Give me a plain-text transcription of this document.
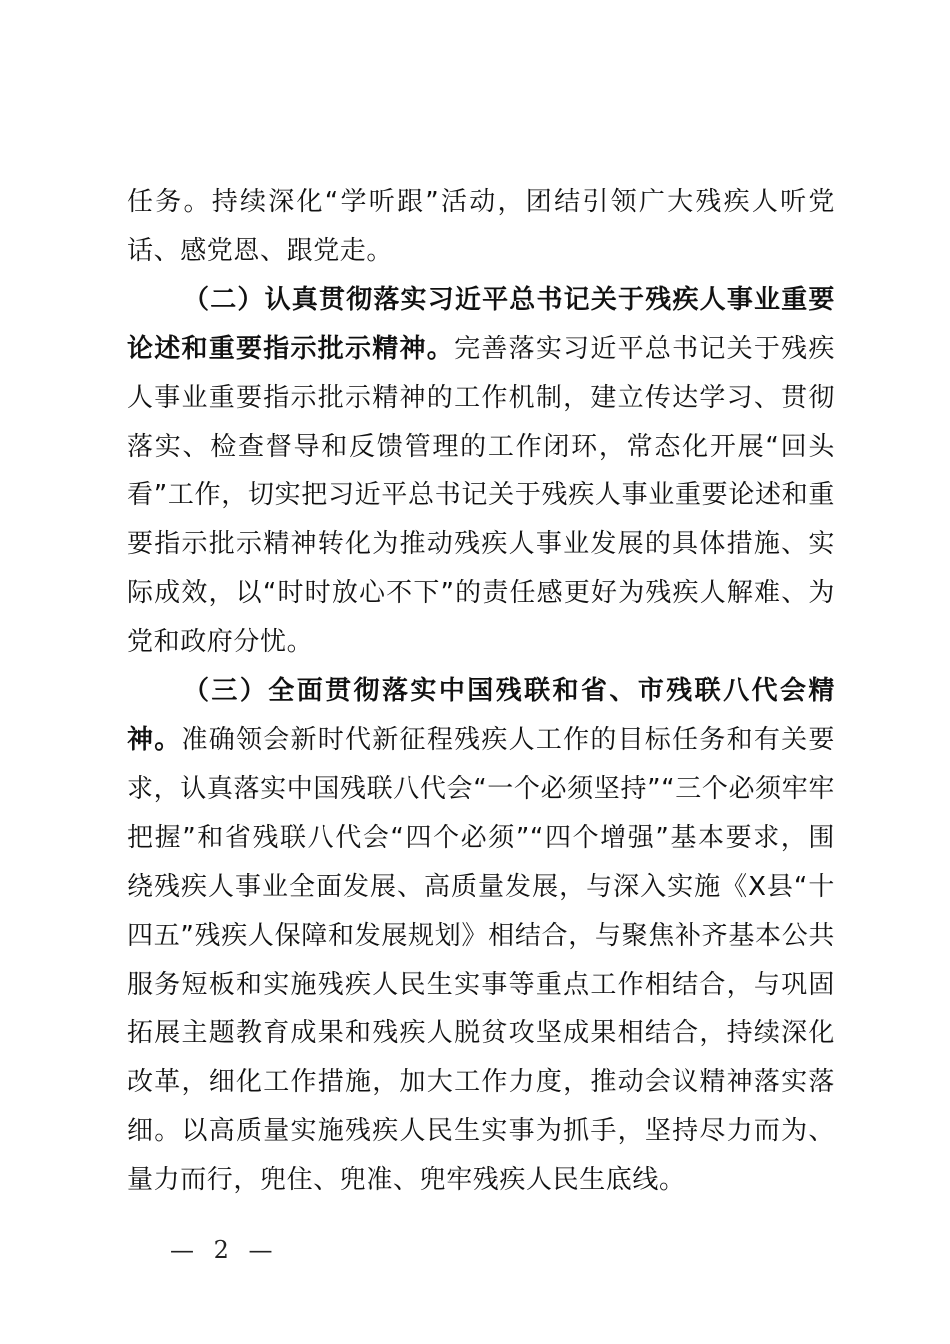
任务。持续深化“学听跟”活动，团结引领广大残疾人听党话、感党恩、跟党走。

（二）认真贯彻落实习近平总书记关于残疾人事业重要论述和重要指示批示精神。完善落实习近平总书记关于残疾人事业重要指示批示精神的工作机制，建立传达学习、贯彻落实、检查督导和反馈管理的工作闭环，常态化开展“回头看”工作，切实把习近平总书记关于残疾人事业重要论述和重要指示批示精神转化为推动残疾人事业发展的具体措施、实际成效，以“时时放心不下”的责任感更好为残疾人解难、为党和政府分忧。

（三）全面贯彻落实中国残联和省、市残联八代会精神。准确领会新时代新征程残疾人工作的目标任务和有关要求，认真落实中国残联八代会“一个必须坚持”“三个必须牢牢把握”和省残联八代会“四个必须”“四个增强”基本要求，围绕残疾人事业全面发展、高质量发展，与深入实施《X县“十四五”残疾人保障和发展规划》相结合，与聚焦补齐基本公共服务短板和实施残疾人民生实事等重点工作相结合，与巩固拓展主题教育成果和残疾人脱贫攻坚成果相结合，持续深化改革，细化工作措施，加大工作力度，推动会议精神落实落细。以高质量实施残疾人民生实事为抓手，坚持尽力而为、量力而行，兜住、兜准、兜牢残疾人民生底线。

— 2 —
